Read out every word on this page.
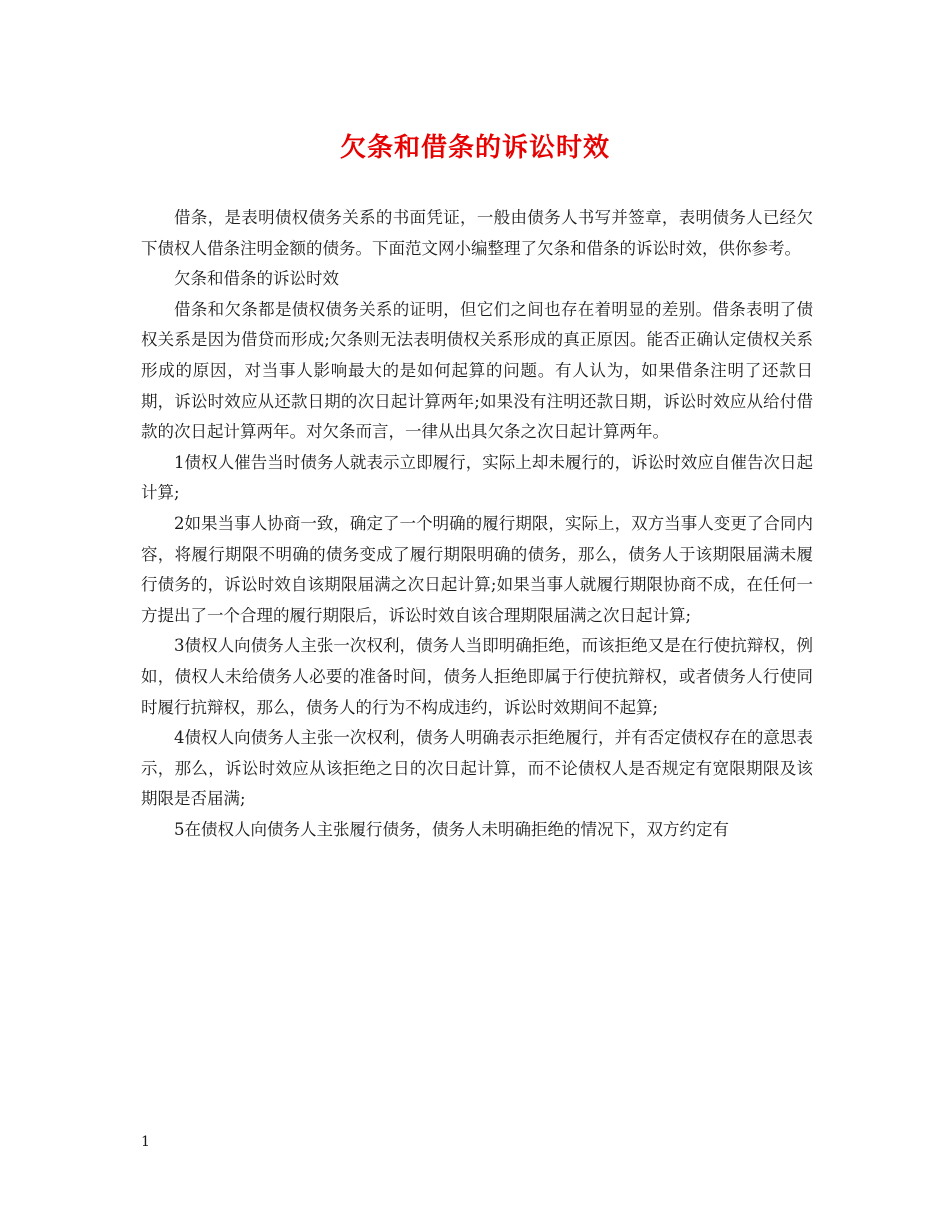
欠条和借条的诉讼时效

借条，是表明债权债务关系的书面凭证，一般由债务人书写并签章，表明债务人已经欠下债权人借条注明金额的债务。下面范文网小编整理了欠条和借条的诉讼时效，供你参考。

欠条和借条的诉讼时效

借条和欠条都是债权债务关系的证明，但它们之间也存在着明显的差别。借条表明了债权关系是因为借贷而形成;欠条则无法表明债权关系形成的真正原因。能否正确认定债权关系形成的原因，对当事人影响最大的是如何起算的问题。有人认为，如果借条注明了还款日期，诉讼时效应从还款日期的次日起计算两年;如果没有注明还款日期，诉讼时效应从给付借款的次日起计算两年。对欠条而言，一律从出具欠条之次日起计算两年。

1债权人催告当时债务人就表示立即履行，实际上却未履行的，诉讼时效应自催告次日起计算;

2如果当事人协商一致，确定了一个明确的履行期限，实际上，双方当事人变更了合同内容，将履行期限不明确的债务变成了履行期限明确的债务，那么，债务人于该期限届满未履行债务的，诉讼时效自该期限届满之次日起计算;如果当事人就履行期限协商不成，在任何一方提出了一个合理的履行期限后，诉讼时效自该合理期限届满之次日起计算;

3债权人向债务人主张一次权利，债务人当即明确拒绝，而该拒绝又是在行使抗辩权，例如，债权人未给债务人必要的准备时间，债务人拒绝即属于行使抗辩权，或者债务人行使同时履行抗辩权，那么，债务人的行为不构成违约，诉讼时效期间不起算;

4债权人向债务人主张一次权利，债务人明确表示拒绝履行，并有否定债权存在的意思表示，那么，诉讼时效应从该拒绝之日的次日起计算，而不论债权人是否规定有宽限期限及该期限是否届满;

5在债权人向债务人主张履行债务，债务人未明确拒绝的情况下，双方约定有

1
